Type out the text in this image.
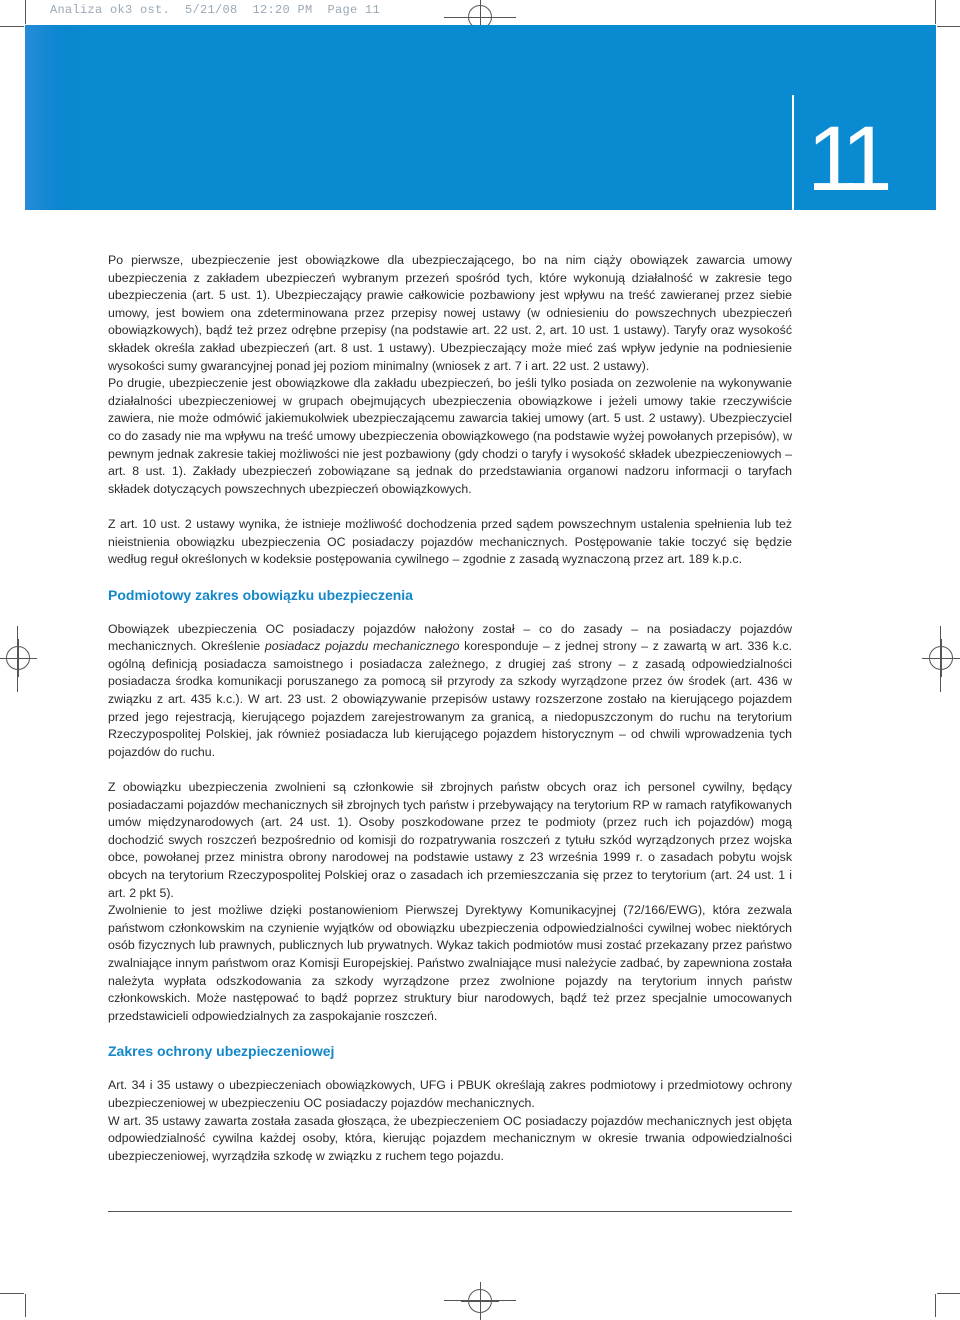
Analiza ok3 ost.  5/21/08  12:20 PM  Page 11
11

Po pierwsze, ubezpieczenie jest obowiązkowe dla ubezpieczającego, bo na nim ciąży obowiązek zawarcia umowy ubezpieczenia z zakładem ubezpieczeń wybranym przezeń spośród tych, które wykonują działalność w zakresie tego ubezpieczenia (art. 5 ust. 1). Ubezpieczający prawie całkowicie pozbawiony jest wpływu na treść zawieranej przez siebie umowy, jest bowiem ona zdeterminowana przez przepisy nowej ustawy (w odniesieniu do powszechnych ubezpieczeń obowiązkowych), bądź też przez odrębne przepisy (na podstawie art. 22 ust. 2, art. 10 ust. 1 ustawy). Taryfy oraz wysokość składek określa zakład ubezpieczeń (art. 8 ust. 1 ustawy). Ubezpieczający może mieć zaś wpływ jedynie na podniesienie wysokości sumy gwarancyjnej ponad jej poziom minimalny (wniosek z art. 7 i art. 22 ust. 2 ustawy).

Po drugie, ubezpieczenie jest obowiązkowe dla zakładu ubezpieczeń, bo jeśli tylko posiada on zezwolenie na wykonywanie działalności ubezpieczeniowej w grupach obejmujących ubezpieczenia obowiązkowe i jeżeli umowy takie rzeczywiście zawiera, nie może odmówić jakiemukolwiek ubezpieczającemu zawarcia takiej umowy (art. 5 ust. 2 ustawy). Ubezpieczyciel co do zasady nie ma wpływu na treść umowy ubezpieczenia obowiązkowego (na podstawie wyżej powołanych przepisów), w pewnym jednak zakresie takiej możliwości nie jest pozbawiony (gdy chodzi o taryfy i wysokość składek ubezpieczeniowych – art. 8 ust. 1). Zakłady ubezpieczeń zobowiązane są jednak do przedstawiania organowi nadzoru informacji o taryfach składek dotyczących powszechnych ubezpieczeń obowiązkowych.

Z art. 10 ust. 2 ustawy wynika, że istnieje możliwość dochodzenia przed sądem powszechnym ustalenia spełnienia lub też nieistnienia obowiązku ubezpieczenia OC posiadaczy pojazdów mechanicznych. Postępowanie takie toczyć się będzie według reguł określonych w kodeksie postępowania cywilnego – zgodnie z zasadą wyznaczoną przez art. 189 k.p.c.

Podmiotowy zakres obowiązku ubezpieczenia

Obowiązek ubezpieczenia OC posiadaczy pojazdów nałożony został – co do zasady – na posiadaczy pojazdów mechanicznych. Określenie posiadacz pojazdu mechanicznego koresponduje – z jednej strony – z zawartą w art. 336 k.c. ogólną definicją posiadacza samoistnego i posiadacza zależnego, z drugiej zaś strony – z zasadą odpowiedzialności posiadacza środka komunikacji poruszanego za pomocą sił przyrody za szkody wyrządzone przez ów środek (art. 436 w związku z art. 435 k.c.). W art. 23 ust. 2 obowiązywanie przepisów ustawy rozszerzone zostało na kierującego pojazdem przed jego rejestracją, kierującego pojazdem zarejestrowanym za granicą, a niedopuszczonym do ruchu na terytorium Rzeczypospolitej Polskiej, jak również posiadacza lub kierującego pojazdem historycznym – od chwili wprowadzenia tych pojazdów do ruchu.

Z obowiązku ubezpieczenia zwolnieni są członkowie sił zbrojnych państw obcych oraz ich personel cywilny, będący posiadaczami pojazdów mechanicznych sił zbrojnych tych państw i przebywający na terytorium RP w ramach ratyfikowanych umów międzynarodowych (art. 24 ust. 1). Osoby poszkodowane przez te podmioty (przez ruch ich pojazdów) mogą dochodzić swych roszczeń bezpośrednio od komisji do rozpatrywania roszczeń z tytułu szkód wyrządzonych przez wojska obce, powołanej przez ministra obrony narodowej na podstawie ustawy z 23 września 1999 r. o zasadach pobytu wojsk obcych na terytorium Rzeczypospolitej Polskiej oraz o zasadach ich przemieszczania się przez to terytorium (art. 24 ust. 1 i art. 2 pkt 5).

Zwolnienie to jest możliwe dzięki postanowieniom Pierwszej Dyrektywy Komunikacyjnej (72/166/EWG), która zezwala państwom członkowskim na czynienie wyjątków od obowiązku ubezpieczenia odpowiedzialności cywilnej wobec niektórych osób fizycznych lub prawnych, publicznych lub prywatnych. Wykaz takich podmiotów musi zostać przekazany przez państwo zwalniające innym państwom oraz Komisji Europejskiej. Państwo zwalniające musi należycie zadbać, by zapewniona została należyta wypłata odszkodowania za szkody wyrządzone przez zwolnione pojazdy na terytorium innych państw członkowskich. Może następować to bądź poprzez struktury biur narodowych, bądź też przez specjalnie umocowanych przedstawicieli odpowiedzialnych za zaspokajanie roszczeń.

Zakres ochrony ubezpieczeniowej

Art. 34 i 35 ustawy o ubezpieczeniach obowiązkowych, UFG i PBUK określają zakres podmiotowy i przedmiotowy ochrony ubezpieczeniowej w ubezpieczeniu OC posiadaczy pojazdów mechanicznych.

W art. 35 ustawy zawarta została zasada głosząca, że ubezpieczeniem OC posiadaczy pojazdów mechanicznych jest objęta odpowiedzialność cywilna każdej osoby, która, kierując pojazdem mechanicznym w okresie trwania odpowiedzialności ubezpieczeniowej, wyrządziła szkodę w związku z ruchem tego pojazdu.
